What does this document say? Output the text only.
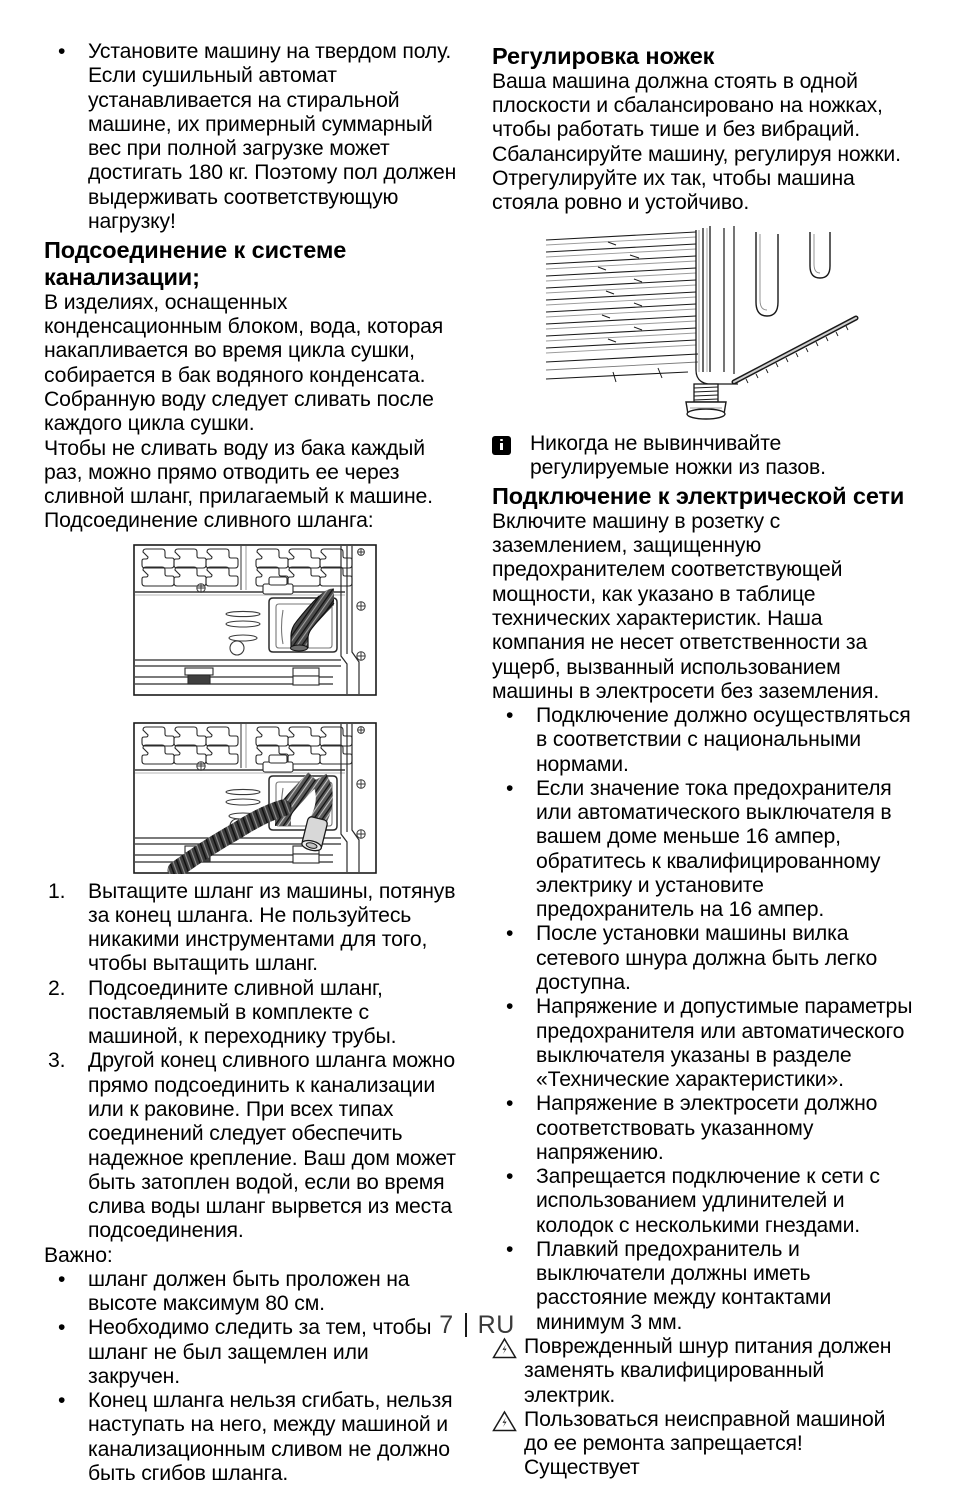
• Установите машину на твердом полу. Если сушильный автомат устанавливается на стиральной машине, их примерный суммарный вес при полной загрузке может достигать 180 кг. Поэтому пол должен выдерживать соответствующую нагрузку!
Подсоединение к системе канализации;

В изделиях, оснащенных конденсационным блоком, вода, которая накапливается во время цикла сушки, собирается в бак водяного конденсата. Собранную воду следует сливать после каждого цикла сушки.

Чтобы не сливать воду из бака каждый раз, можно прямо отводить ее через сливной шланг, прилагаемый к машине. Подсоединение сливного шланга:

1. Вытащите шланг из машины, потянув за конец шланга. Не пользуйтесь никакими инструментами для того, чтобы вытащить шланг.
2. Подсоедините сливной шланг, поставляемый в комплекте с машиной, к переходнику трубы.
3. Другой конец сливного шланга можно прямо подсоединить к канализации или к раковине. При всех типах соединений следует обеспечить надежное крепление. Ваш дом может быть затоплен водой, если во время слива воды шланг вырвется из места подсоединения.

Важно:

• шланг должен быть проложен на высоте максимум 80 см.
• Необходимо следить за тем, чтобы шланг не был защемлен или закручен.
• Конец шланга нельзя сгибать, нельзя наступать на него, между машиной и канализационным сливом не должно быть сгибов шланга.
Регулировка ножек

Ваша машина должна стоять в одной плоскости и сбалансировано на ножках, чтобы работать тише и без вибраций. Сбалансируйте машину, регулируя ножки. Отрегулируйте их так, чтобы машина стояла ровно и устойчиво.

Никогда не вывинчивайте регулируемые ножки из пазов.
Подключение к электрической сети

Включите машину в розетку с заземлением, защищенную предохранителем соответствующей мощности, как указано в таблице технических характеристик. Наша компания не несет ответственности за ущерб, вызванный использованием машины в электросети без заземления.

• Подключение должно осуществляться в соответствии с национальными нормами.
• Если значение тока предохранителя или автоматического выключателя в вашем доме меньше 16 ампер, обратитесь к квалифицированному электрику и установите предохранитель на 16 ампер.
• После установки машины вилка сетевого шнура должна быть легко доступна.
• Напряжение и допустимые параметры предохранителя или автоматического выключателя указаны в разделе «Технические характеристики».
• Напряжение в электросети должно соответствовать указанному напряжению.
• Запрещается подключение к сети с использованием удлинителей и колодок с несколькими гнездами.
• Плавкий предохранитель и выключатели должны иметь расстояние между контактами минимум 3 мм.
Поврежденный шнур питания должен заменять квалифицированный электрик.
Пользоваться неисправной машиной до ее ремонта запрещается! Существует
7 RU
